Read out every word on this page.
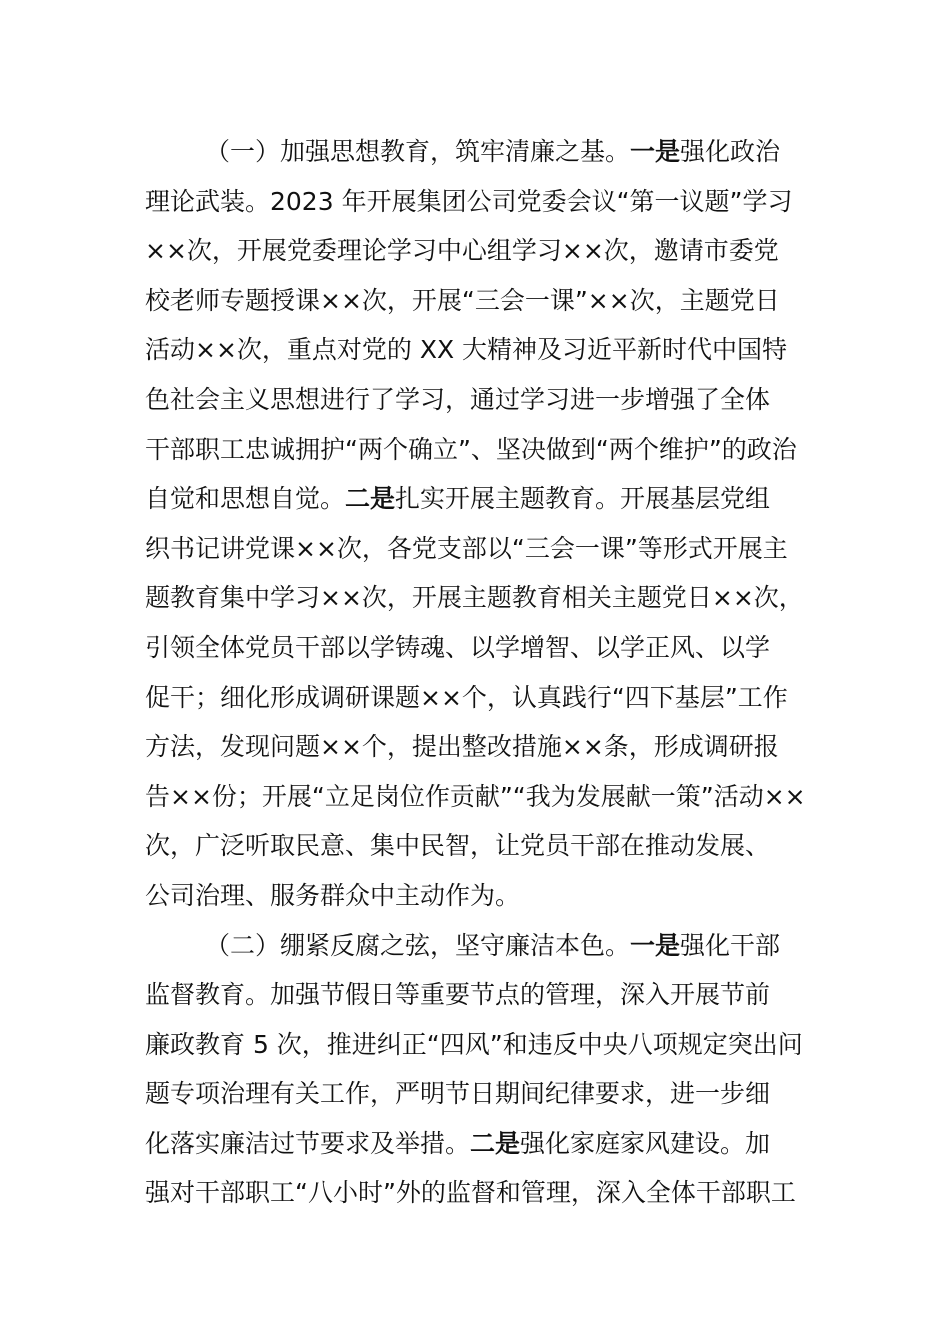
（一）加强思想教育，筑牢清廉之基。一是强化政治
理论武装。2023 年开展集团公司党委会议“第一议题”学习
××次，开展党委理论学习中心组学习××次，邀请市委党
校老师专题授课××次，开展“三会一课”××次，主题党日
活动××次，重点对党的 XX 大精神及习近平新时代中国特
色社会主义思想进行了学习，通过学习进一步增强了全体
干部职工忠诚拥护“两个确立”、坚决做到“两个维护”的政治
自觉和思想自觉。二是扎实开展主题教育。开展基层党组
织书记讲党课××次，各党支部以“三会一课”等形式开展主
题教育集中学习××次，开展主题教育相关主题党日××次，
引领全体党员干部以学铸魂、以学增智、以学正风、以学
促干；细化形成调研课题××个，认真践行“四下基层”工作
方法，发现问题××个，提出整改措施××条，形成调研报
告××份；开展“立足岗位作贡献”“我为发展献一策”活动××
次，广泛听取民意、集中民智，让党员干部在推动发展、
公司治理、服务群众中主动作为。
（二）绷紧反腐之弦，坚守廉洁本色。一是强化干部
监督教育。加强节假日等重要节点的管理，深入开展节前
廉政教育 5 次，推进纠正“四风”和违反中央八项规定突出问
题专项治理有关工作，严明节日期间纪律要求，进一步细
化落实廉洁过节要求及举措。二是强化家庭家风建设。加
强对干部职工“八小时”外的监督和管理，深入全体干部职工
